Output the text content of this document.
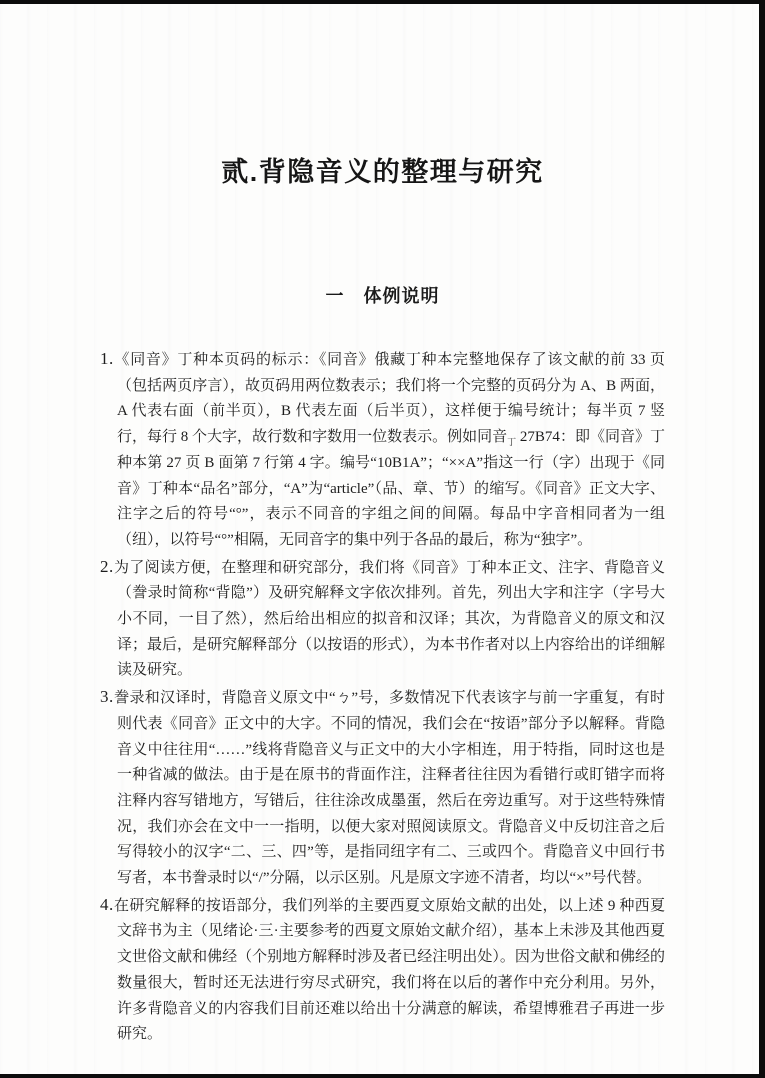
贰.背隐音义的整理与研究
一　体例说明

1.《同音》丁种本页码的标示：《同音》俄藏丁种本完整地保存了该文献的前 33 页（包括两页序言），故页码用两位数表示；我们将一个完整的页码分为 A、B 两面，A 代表右面（前半页），B 代表左面（后半页），这样便于编号统计；每半页 7 竖行，每行 8 个大字，故行数和字数用一位数表示。例如同音$_丁$ 27B74：即《同音》丁种本第 27 页 B 面第 7 行第 4 字。编号“10B1A”；“××A”指这一行（字）出现于《同音》丁种本“品名”部分，“A”为“article”（品、章、节）的缩写。《同音》正文大字、注字之后的符号“°”，表示不同音的字组之间的间隔。每品中字音相同者为一组（纽），以符号“°”相隔，无同音字的集中列于各品的最后，称为“独字”。

2.为了阅读方便，在整理和研究部分，我们将《同音》丁种本正文、注字、背隐音义（誊录时简称“背隐”）及研究解释文字依次排列。首先，列出大字和注字（字号大小不同，一目了然），然后给出相应的拟音和汉译；其次，为背隐音义的原文和汉译；最后，是研究解释部分（以按语的形式），为本书作者对以上内容给出的详细解读及研究。

3.誊录和汉译时，背隐音义原文中“ㄅ”号，多数情况下代表该字与前一字重复，有时则代表《同音》正文中的大字。不同的情况，我们会在“按语”部分予以解释。背隐音义中往往用“……”线将背隐音义与正文中的大小字相连，用于特指，同时这也是一种省减的做法。由于是在原书的背面作注，注释者往往因为看错行或盯错字而将注释内容写错地方，写错后，往往涂改成墨蛋，然后在旁边重写。对于这些特殊情况，我们亦会在文中一一指明，以便大家对照阅读原文。背隐音义中反切注音之后写得较小的汉字“二、三、四”等，是指同纽字有二、三或四个。背隐音义中回行书写者，本书誊录时以“/”分隔，以示区别。凡是原文字迹不清者，均以“×”号代替。

4.在研究解释的按语部分，我们列举的主要西夏文原始文献的出处，以上述 9 种西夏文辞书为主（见绪论·三·主要参考的西夏文原始文献介绍），基本上未涉及其他西夏文世俗文献和佛经（个别地方解释时涉及者已经注明出处）。因为世俗文献和佛经的数量很大，暂时还无法进行穷尽式研究，我们将在以后的著作中充分利用。另外，许多背隐音义的内容我们目前还难以给出十分满意的解读，希望博雅君子再进一步研究。
